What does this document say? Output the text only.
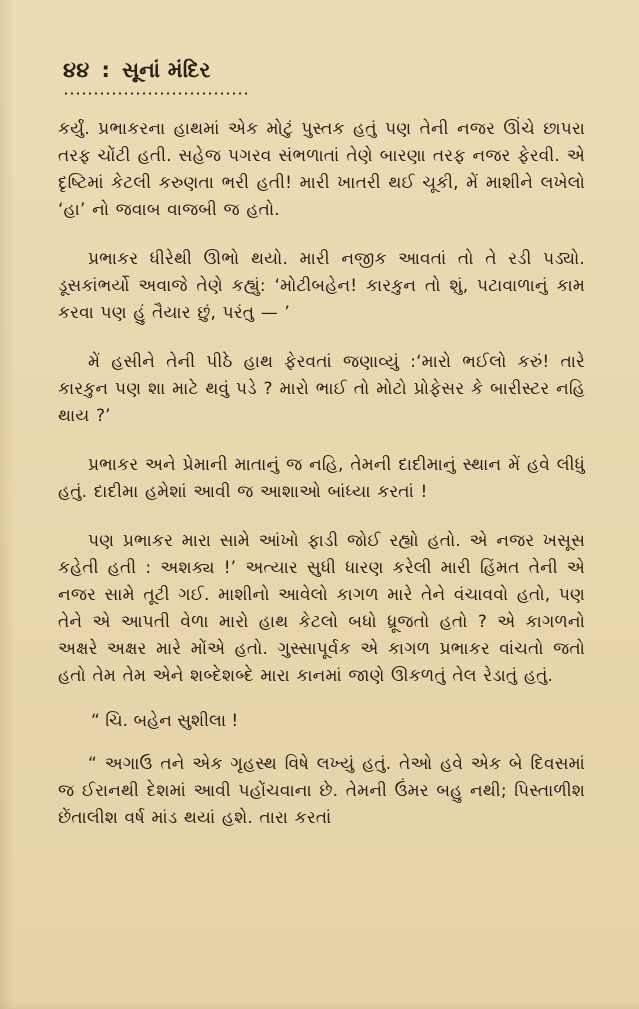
૪૪ : સૂનાં મંદિર

કર્યું. પ્રભાકરના હાથમાં એક મોટું પુસ્તક હતું પણ તેની નજર ઊંચે છાપરા તરફ ચોંટી હતી. સહેજ પગરવ સંભળાતાં તેણે બારણા તરફ નજર ફેરવી. એ દૃષ્ટિમાં કેટલી કરુણતા ભરી હતી! મારી ખાતરી થઈ ચૂકી, મેં માશીને લખેલો ‘હા’ નો જવાબ વાજબી જ હતો.

પ્રભાકર ધીરેથી ઊભો થયો. મારી નજીક આવતાં તો તે રડી પડ્યો. ડૂસકાંભર્યો અવાજે તેણે કહ્યું: ‘મોટીબહેન! કારકુન તો શું, પટાવાળાનું કામ કરવા પણ હું તૈયાર છું, પરંતુ — ’

મેં હસીને તેની પીઠે હાથ ફેરવતાં જણાવ્યું :‘મારો ભઈલો કરું! તારે કારકુન પણ શા માટે થવું પડે ? મારો ભાઈ તો મોટો પ્રોફેસર કે બારીસ્ટર નહિ થાય ?’

પ્રભાકર અને પ્રેમાની માતાનું જ નહિ, તેમની દાદીમાનું સ્થાન મેં હવે લીધું હતું. દાદીમા હમેશાં આવી જ આશાઓ બાંધ્યા કરતાં !

પણ પ્રભાકર મારા સામે આંખો ફાડી જોઈ રહ્યો હતો. એ નજર ખસૂસ કહેતી હતી : અશક્ય !’ અત્યાર સુધી ધારણ કરેલી મારી હિંમત તેની એ નજર સામે તૂટી ગઈ. માશીનો આવેલો કાગળ મારે તેને વંચાવવો હતો, પણ તેને એ આપતી વેળા મારો હાથ કેટલો બધો ધ્રૂજતો હતો ? એ કાગળનો અક્ષરે અક્ષર મારે મોંએ હતો. ગુસ્સાપૂર્વક એ કાગળ પ્રભાકર વાંચતો જતો હતો તેમ તેમ એને શબ્દેશબ્દે મારા કાનમાં જાણે ઊકળતું તેલ રેડાતું હતું.

“ ચિ. બહેન સુશીલા !

“ અગાઉ તને એક ગૃહસ્થ વિષે લખ્યું હતું. તેઓ હવે એક બે દિવસમાં જ ઈરાનથી દેશમાં આવી પહોંચવાના છે. તેમની ઉંમર બહુ નથી; પિસ્તાળીશ છેંતાલીશ વર્ષ માંડ થયાં હશે. તારા કરતાં
